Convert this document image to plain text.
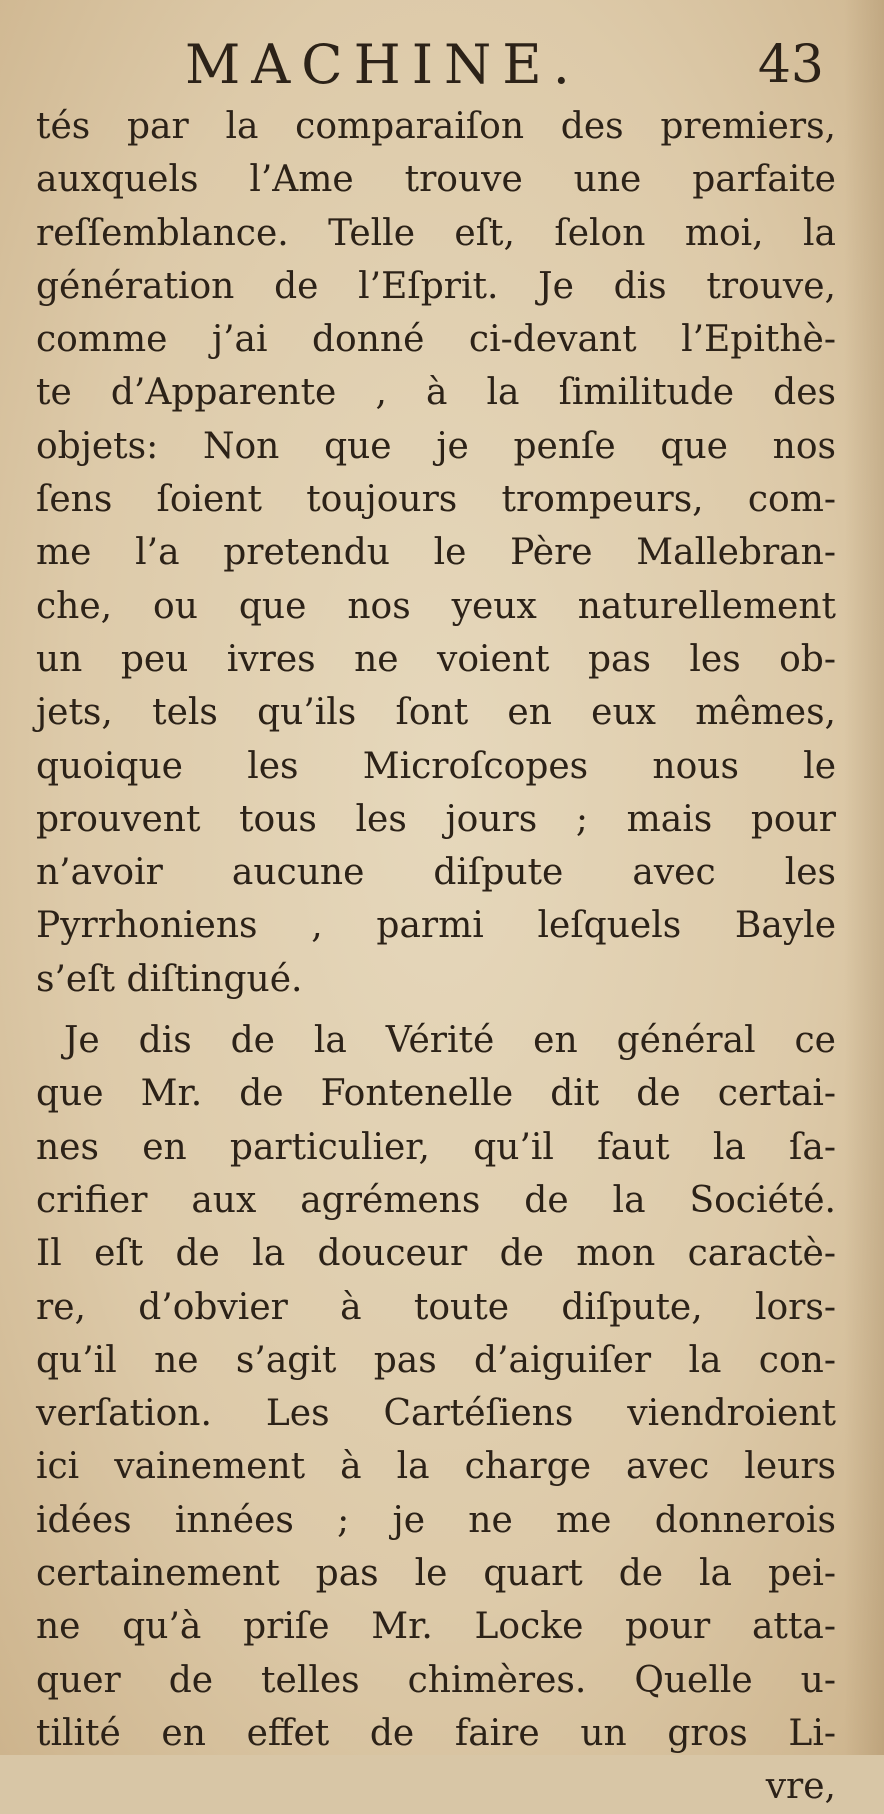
MACHINE.	43
tés par la comparaiſon des premiers,
auxquels l’Ame trouve une parfaite
reſſemblance. Telle eſt, ſelon moi, la
génération de l’Eſprit. Je dis trouve,
comme j’ai donné ci-devant l’Epithè-
te d’Apparente , à la ſimilitude des
objets: Non que je penſe que nos
ſens ſoient toujours trompeurs, com-
me l’a pretendu le Père Mallebran-
che, ou que nos yeux naturellement
un peu ivres ne voient pas les ob-
jets, tels qu’ils ſont en eux mêmes,
quoique les Microſcopes nous le
prouvent tous les jours ; mais pour
n’avoir aucune diſpute avec les
Pyrrhoniens , parmi leſquels Bayle
s’eſt diſtingué.
Je dis de la Vérité en général ce
que Mr. de Fontenelle dit de certai-
nes en particulier, qu’il faut la ſa-
crifier aux agrémens de la Société.
Il eſt de la douceur de mon caractè-
re, d’obvier à toute diſpute, lors-
qu’il ne s’agit pas d’aiguiſer la con-
verſation. Les Cartéſiens viendroient
ici vainement à la charge avec leurs
idées innées ; je ne me donnerois
certainement pas le quart de la pei-
ne qu’à priſe Mr. Locke pour atta-
quer de telles chimères. Quelle u-
tilité en effet de faire un gros Li-
vre,
